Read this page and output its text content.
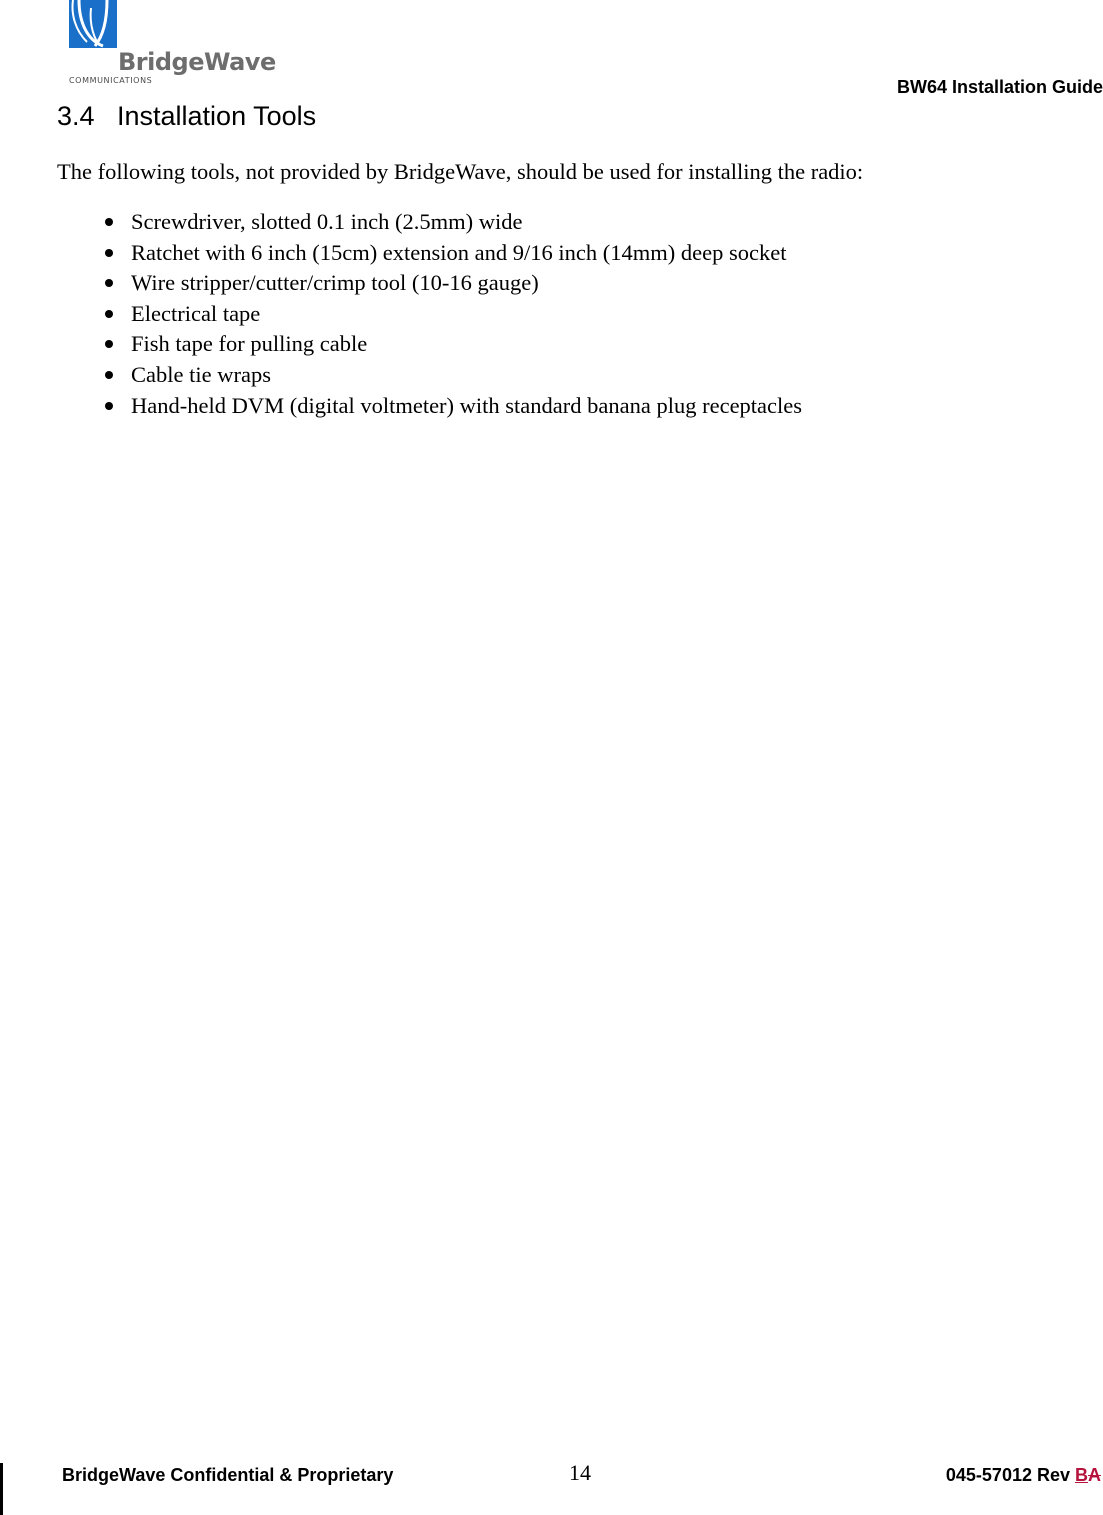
BridgeWave
COMMUNICATIONS	BW64 Installation Guide
3.4 Installation Tools
The following tools, not provided by BridgeWave, should be used for installing the radio:
Screwdriver, slotted 0.1 inch (2.5mm) wide
Ratchet with 6 inch (15cm) extension and 9/16 inch (14mm) deep socket
Wire stripper/cutter/crimp tool (10-16 gauge)
Electrical tape
Fish tape for pulling cable
Cable tie wraps
Hand-held DVM (digital voltmeter) with standard banana plug receptacles
BridgeWave Confidential & Proprietary	14	045-57012 Rev BA
